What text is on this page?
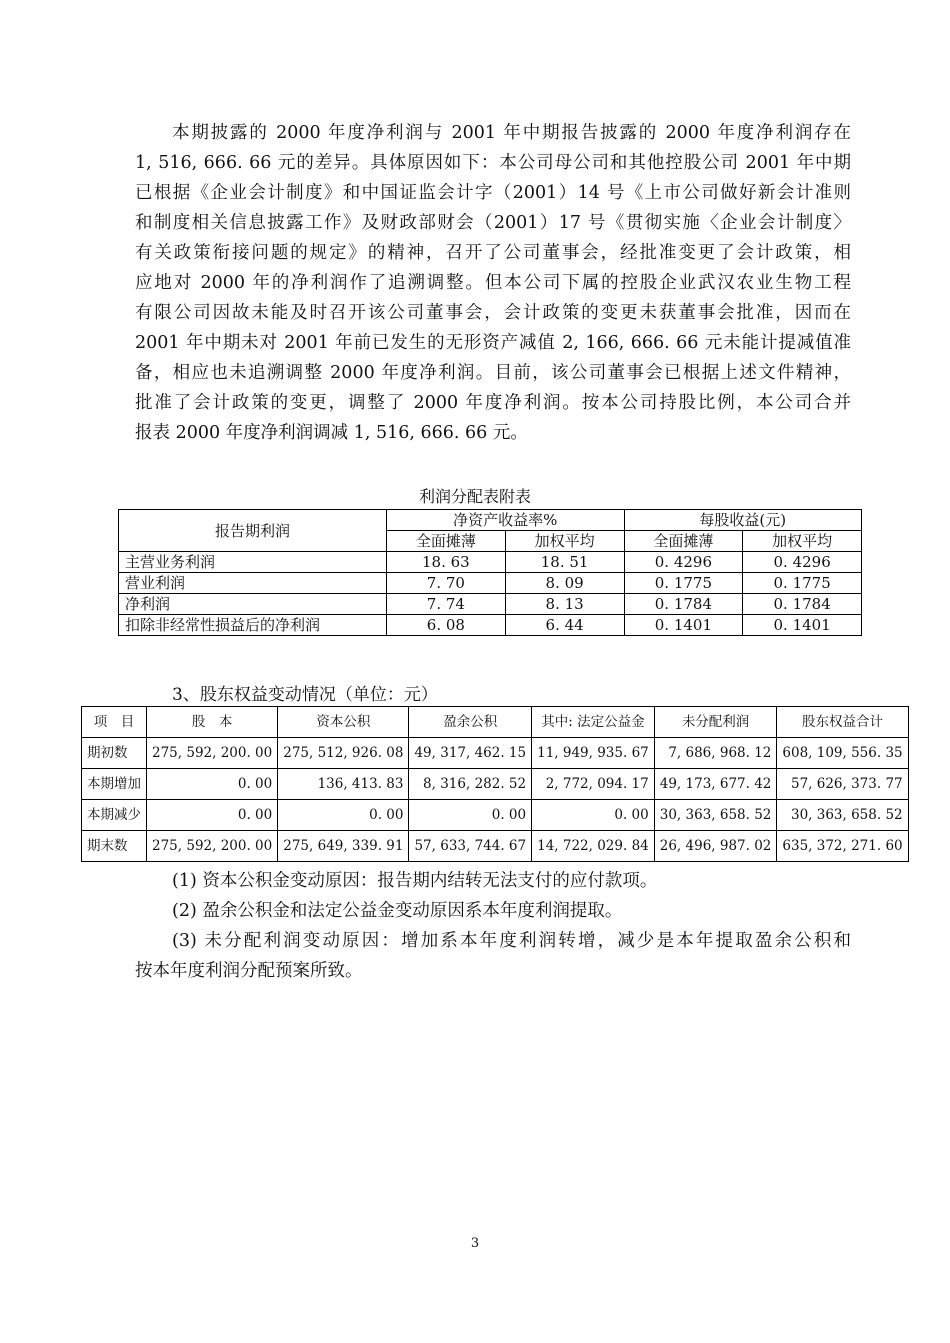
本期披露的 2000 年度净利润与 2001 年中期报告披露的 2000 年度净利润存在
1, 516, 666. 66 元的差异。具体原因如下：本公司母公司和其他控股公司 2001 年中期
已根据《企业会计制度》和中国证监会计字（2001）14 号《上市公司做好新会计准则
和制度相关信息披露工作》及财政部财会（2001）17 号《贯彻实施〈企业会计制度〉
有关政策衔接问题的规定》的精神，召开了公司董事会，经批准变更了会计政策，相
应地对 2000 年的净利润作了追溯调整。但本公司下属的控股企业武汉农业生物工程
有限公司因故未能及时召开该公司董事会，会计政策的变更未获董事会批准，因而在
2001 年中期未对 2001 年前已发生的无形资产减值 2, 166, 666. 66 元未能计提减值准
备，相应也未追溯调整 2000 年度净利润。目前，该公司董事会已根据上述文件精神，
批准了会计政策的变更，调整了 2000 年度净利润。按本公司持股比例，本公司合并
报表 2000 年度净利润调减 1, 516, 666. 66 元。
利润分配表附表
报告期利润	净资产收益率%		每股收益(元)	
	全面摊薄	加权平均	全面摊薄	加权平均
主营业务利润	18. 63	18. 51	0. 4296	0. 4296
营业利润	7. 70	8. 09	0. 1775	0. 1775
净利润	7. 74	8. 13	0. 1784	0. 1784
扣除非经常性损益后的净利润	6. 08	6. 44	0. 1401	0. 1401
3、股东权益变动情况（单位：元）
项　目	股　本	资本公积	盈余公积	其中: 法定公益金	未分配利润	股东权益合计
期初数	275, 592, 200. 00	275, 512, 926. 08	49, 317, 462. 15	11, 949, 935. 67	7, 686, 968. 12	608, 109, 556. 35
本期增加	0. 00	136, 413. 83	8, 316, 282. 52	2, 772, 094. 17	49, 173, 677. 42	57, 626, 373. 77
本期减少	0. 00	0. 00	0. 00	0. 00	30, 363, 658. 52	30, 363, 658. 52
期末数	275, 592, 200. 00	275, 649, 339. 91	57, 633, 744. 67	14, 722, 029. 84	26, 496, 987. 02	635, 372, 271. 60
(1) 资本公积金变动原因：报告期内结转无法支付的应付款项。
(2) 盈余公积金和法定公益金变动原因系本年度利润提取。
(3) 未分配利润变动原因：增加系本年度利润转增，减少是本年提取盈余公积和
按本年度利润分配预案所致。
3
